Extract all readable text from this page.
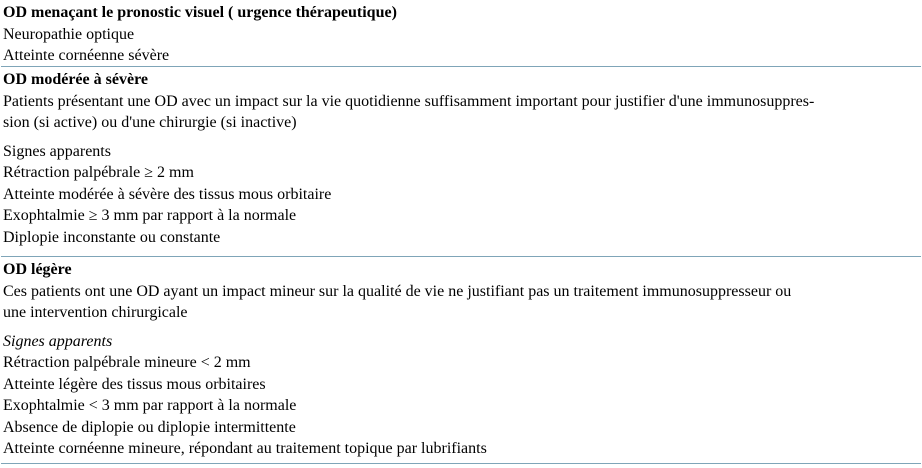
OD menaçant le pronostic visuel ( urgence thérapeutique)
Neuropathie optique
Atteinte cornéenne sévère
OD modérée à sévère
Patients présentant une OD avec un impact sur la vie quotidienne suffisamment important pour justifier d'une immunosuppres-
sion (si active) ou d'une chirurgie (si inactive)
Signes apparents
Rétraction palpébrale ≥ 2 mm
Atteinte modérée à sévère des tissus mous orbitaire
Exophtalmie ≥ 3 mm par rapport à la normale
Diplopie inconstante ou constante
OD légère
Ces patients ont une OD ayant un impact mineur sur la qualité de vie ne justifiant pas un traitement immunosuppresseur ou
une intervention chirurgicale
Signes apparents
Rétraction palpébrale mineure < 2 mm
Atteinte légère des tissus mous orbitaires
Exophtalmie < 3 mm par rapport à la normale
Absence de diplopie ou diplopie intermittente
Atteinte cornéenne mineure, répondant au traitement topique par lubrifiants
